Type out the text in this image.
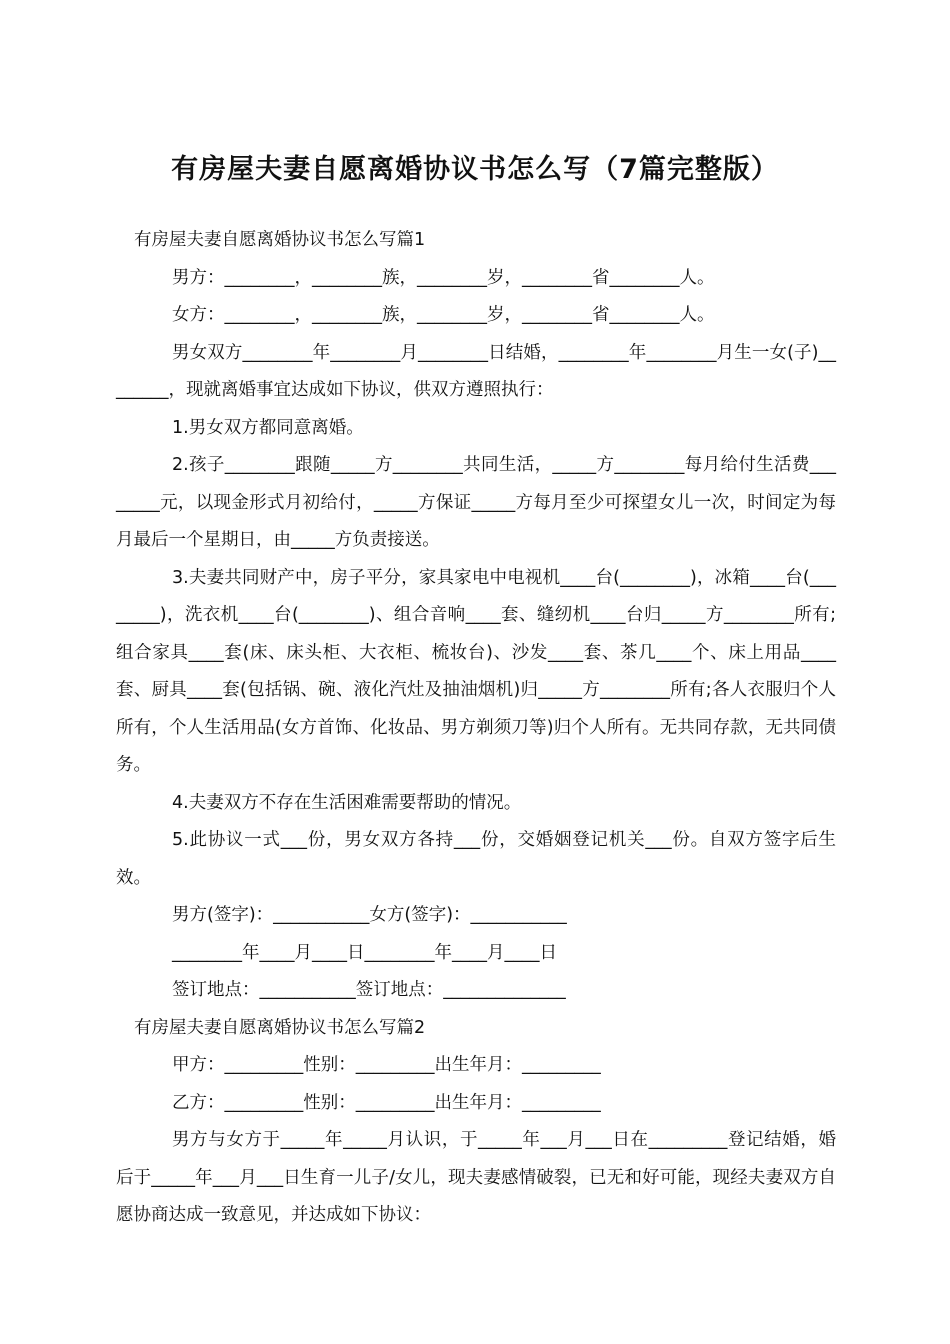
有房屋夫妻自愿离婚协议书怎么写（7篇完整版）

有房屋夫妻自愿离婚协议书怎么写篇1

男方：________，________族，________岁，________省________人。

女方：________，________族，________岁，________省________人。

男女双方________年________月________日结婚，________年________月生一女(子)________，现就离婚事宜达成如下协议，供双方遵照执行：

1.男女双方都同意离婚。

2.孩子________跟随_____方________共同生活，_____方________每月给付生活费________元，以现金形式月初给付，_____方保证_____方每月至少可探望女儿一次，时间定为每月最后一个星期日，由_____方负责接送。

3.夫妻共同财产中，房子平分，家具家电中电视机____台(________)，冰箱____台(________)，洗衣机____台(________)、组合音响____套、缝纫机____台归_____方________所有;组合家具____套(床、床头柜、大衣柜、梳妆台)、沙发____套、茶几____个、床上用品____套、厨具____套(包括锅、碗、液化汽灶及抽油烟机)归_____方________所有;各人衣服归个人所有，个人生活用品(女方首饰、化妆品、男方剃须刀等)归个人所有。无共同存款，无共同债务。

4.夫妻双方不存在生活困难需要帮助的情况。

5.此协议一式___份，男女双方各持___份，交婚姻登记机关___份。自双方签字后生效。

男方(签字)：___________女方(签字)：___________

________年____月____日________年____月____日

签订地点：___________签订地点：______________

有房屋夫妻自愿离婚协议书怎么写篇2

甲方：_________性别：_________出生年月：_________

乙方：_________性别：_________出生年月：_________

男方与女方于_____年_____月认识，于_____年___月___日在_________登记结婚，婚后于_____年___月___日生育一儿子/女儿，现夫妻感情破裂，已无和好可能，现经夫妻双方自愿协商达成一致意见，并达成如下协议：
